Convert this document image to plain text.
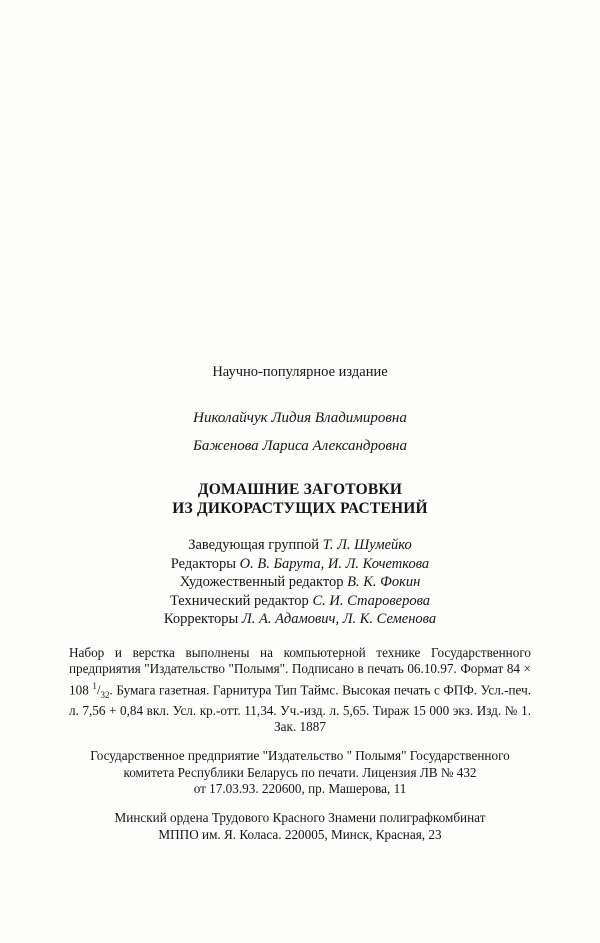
Научно-популярное издание

Николайчук Лидия Владимировна

Баженова Лариса Александровна

ДОМАШНИЕ ЗАГОТОВКИ
ИЗ ДИКОРАСТУЩИХ РАСТЕНИЙ

Заведующая группой Т. Л. Шумейко

Редакторы О. В. Барута, И. Л. Кочеткова

Художественный редактор В. К. Фокин

Технический редактор С. И. Староверова

Корректоры Л. А. Адамович, Л. К. Семенова

Набор и верстка выполнены на компьютерной технике Государственного предприятия "Издательство "Полымя". Подписано в печать 06.10.97. Формат 84 × 108 $^1/_{32}$. Бумага газетная. Гарнитура Тип Таймс. Высокая печать с ФПФ. Усл.-печ. л. 7,56 + 0,84 вкл. Усл. кр.-отт. 11,34. Уч.-изд. л. 5,65. Тираж 15 000 экз. Изд. № 1. Зак. 1887

Государственное предприятие "Издательство " Полымя" Государственного

комитета Республики Беларусь по печати. Лицензия ЛВ № 432

от 17.03.93. 220600, пр. Машерова, 11

Минский ордена Трудового Красного Знамени полиграфкомбинат

МППО им. Я. Коласа. 220005, Минск, Красная, 23
